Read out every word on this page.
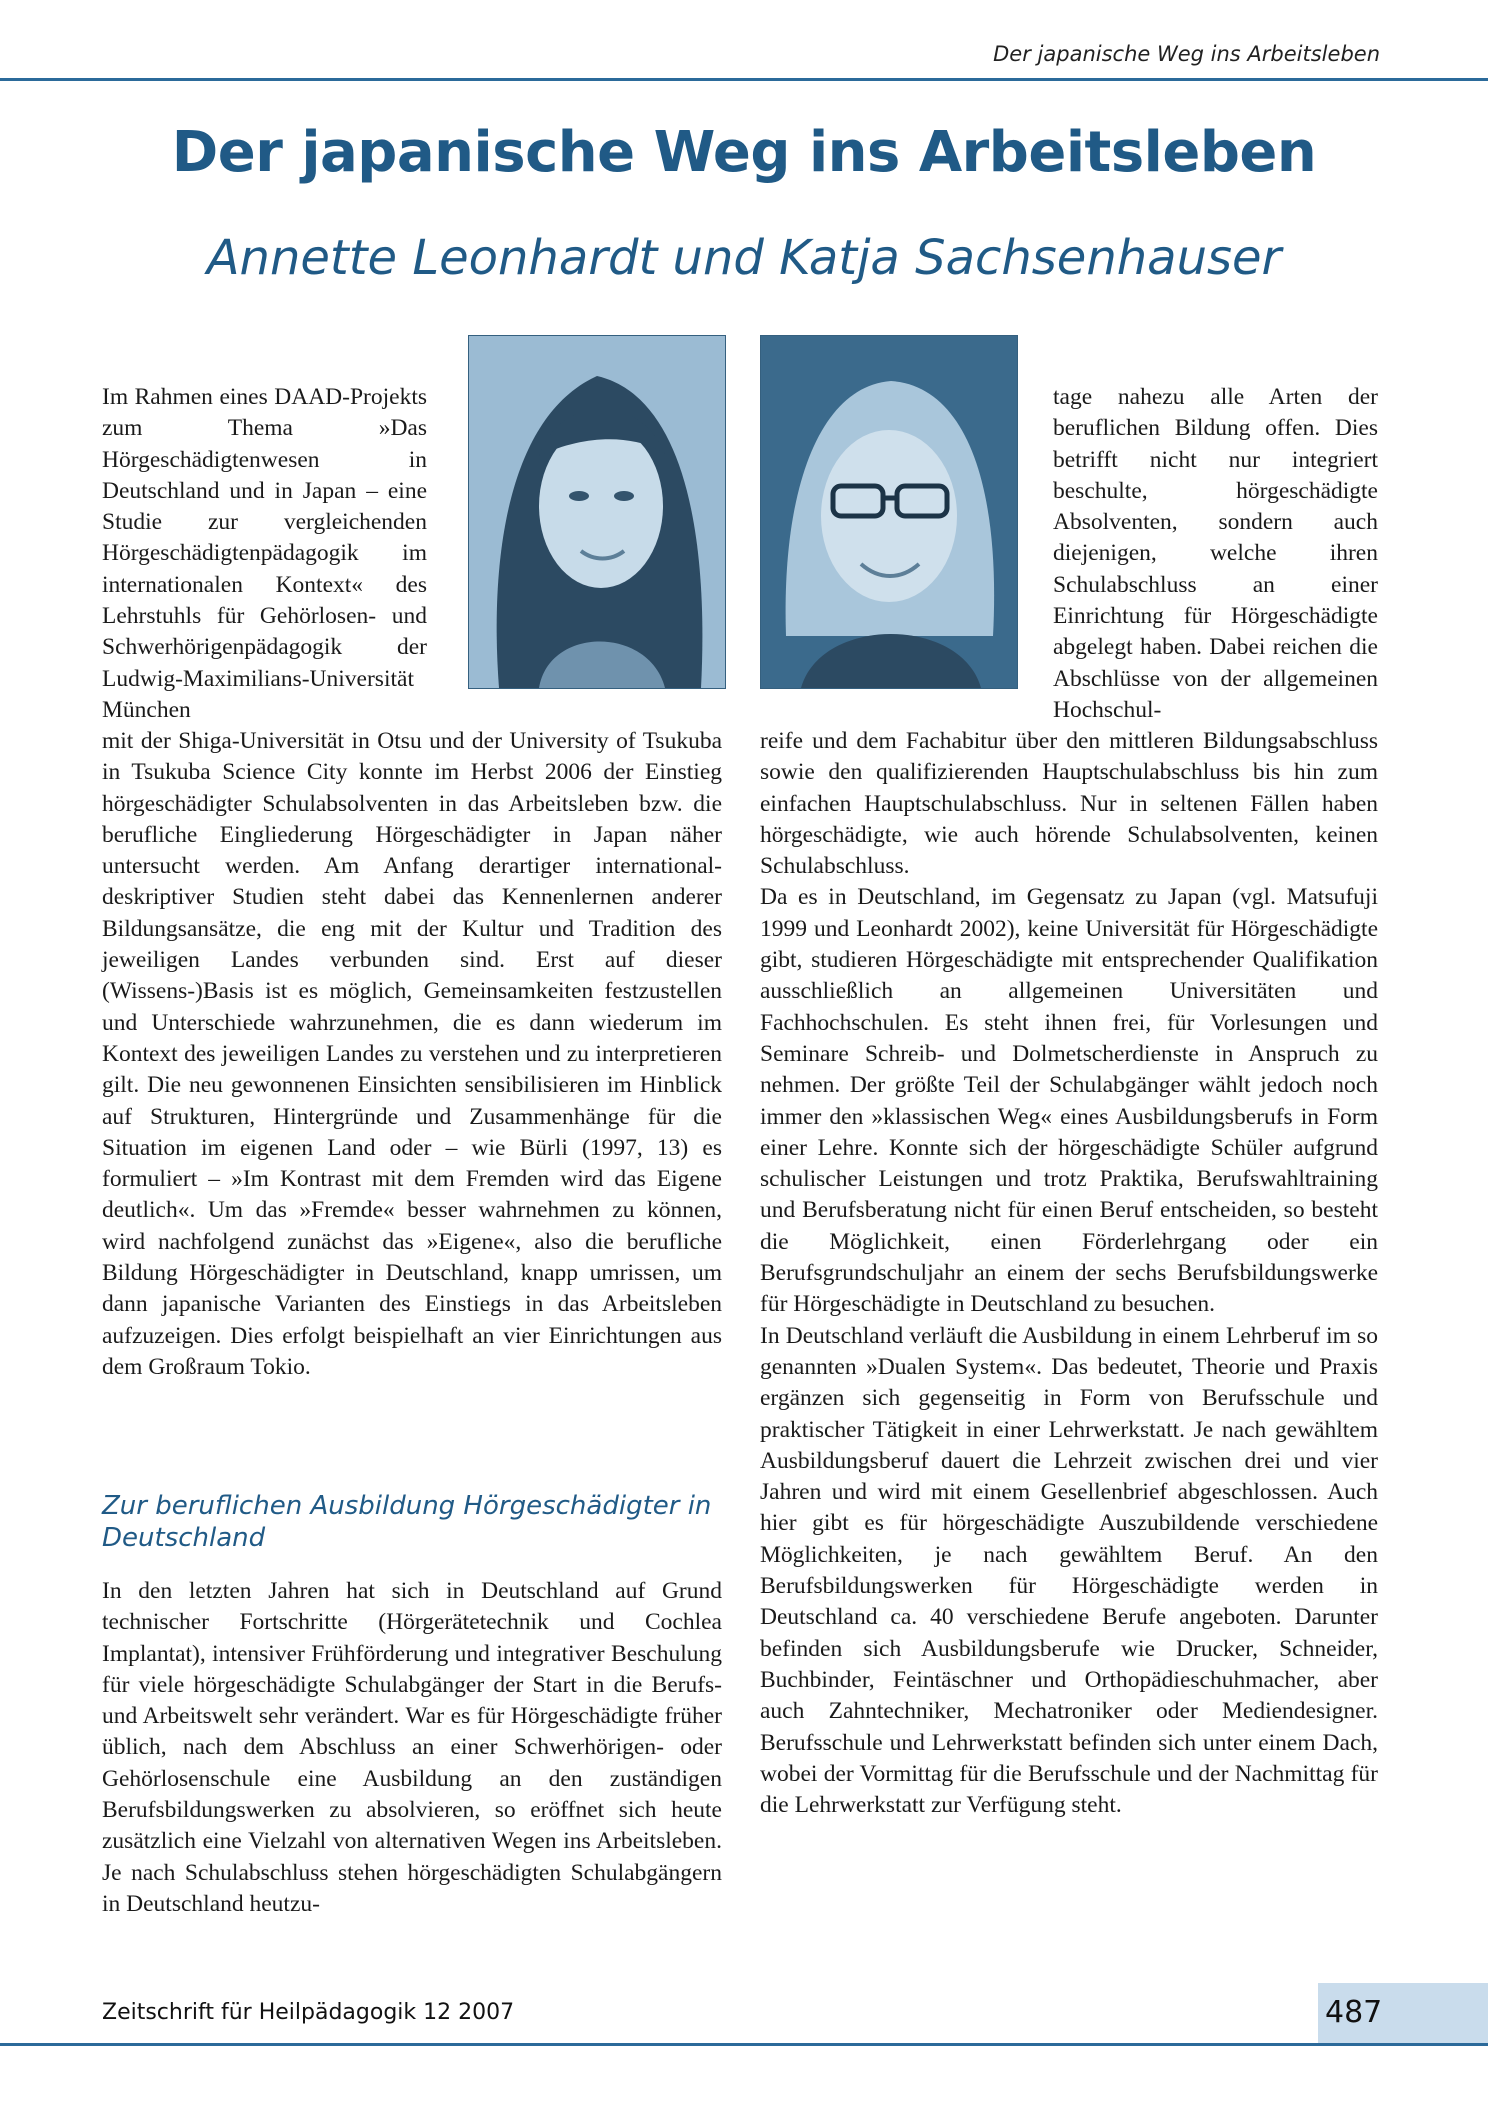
Der japanische Weg ins Arbeitsleben
Der japanische Weg ins Arbeitsleben
Annette Leonhardt und Katja Sachsenhauser

Im Rahmen eines DAAD-Projekts zum Thema »Das Hörgeschädigtenwesen in Deutschland und in Japan – eine Studie zur vergleichenden Hörgeschädigtenpädagogik im internationalen Kontext« des Lehrstuhls für Gehörlosen- und Schwerhörigenpädagogik der Ludwig-Maximilians-Universität München

mit der Shiga-Universität in Otsu und der University of Tsukuba in Tsukuba Science City konnte im Herbst 2006 der Einstieg hörgeschädigter Schulabsolventen in das Arbeitsleben bzw. die berufliche Eingliederung Hörgeschädigter in Japan näher untersucht werden. Am Anfang derartiger international-deskriptiver Studien steht dabei das Kennenlernen anderer Bildungsansätze, die eng mit der Kultur und Tradition des jeweiligen Landes verbunden sind. Erst auf dieser (Wissens-)Basis ist es möglich, Gemeinsamkeiten festzustellen und Unterschiede wahrzunehmen, die es dann wiederum im Kontext des jeweiligen Landes zu verstehen und zu interpretieren gilt. Die neu gewonnenen Einsichten sensibilisieren im Hinblick auf Strukturen, Hintergründe und Zusammenhänge für die Situation im eigenen Land oder – wie Bürli (1997, 13) es formuliert – »Im Kontrast mit dem Fremden wird das Eigene deutlich«. Um das »Fremde« besser wahrnehmen zu können, wird nachfolgend zunächst das »Eigene«, also die berufliche Bildung Hörgeschädigter in Deutschland, knapp umrissen, um dann japanische Varianten des Einstiegs in das Arbeitsleben aufzuzeigen. Dies erfolgt beispielhaft an vier Einrichtungen aus dem Großraum Tokio.

Zur beruflichen Ausbildung Hörgeschädigter in Deutschland

In den letzten Jahren hat sich in Deutschland auf Grund technischer Fortschritte (Hörgerätetechnik und Cochlea Implantat), intensiver Frühförderung und integrativer Beschulung für viele hörgeschädigte Schulabgänger der Start in die Berufs- und Arbeitswelt sehr verändert. War es für Hörgeschädigte früher üblich, nach dem Abschluss an einer Schwerhörigen- oder Gehörlosenschule eine Ausbildung an den zuständigen Berufsbildungswerken zu absolvieren, so eröffnet sich heute zusätzlich eine Vielzahl von alternativen Wegen ins Arbeitsleben. Je nach Schulabschluss stehen hörgeschädigten Schulabgängern in Deutschland heutzu-

tage nahezu alle Arten der beruflichen Bildung offen. Dies betrifft nicht nur integriert beschulte, hörgeschädigte Absolventen, sondern auch diejenigen, welche ihren Schulabschluss an einer Einrichtung für Hörgeschädigte abgelegt haben. Dabei reichen die Abschlüsse von der allgemeinen Hochschul-

reife und dem Fachabitur über den mittleren Bildungsabschluss sowie den qualifizierenden Hauptschulabschluss bis hin zum einfachen Hauptschulabschluss. Nur in seltenen Fällen haben hörgeschädigte, wie auch hörende Schulabsolventen, keinen Schulabschluss.

Da es in Deutschland, im Gegensatz zu Japan (vgl. Matsufuji 1999 und Leonhardt 2002), keine Universität für Hörgeschädigte gibt, studieren Hörgeschädigte mit entsprechender Qualifikation ausschließlich an allgemeinen Universitäten und Fachhochschulen. Es steht ihnen frei, für Vorlesungen und Seminare Schreib- und Dolmetscherdienste in Anspruch zu nehmen. Der größte Teil der Schulabgänger wählt jedoch noch immer den »klassischen Weg« eines Ausbildungsberufs in Form einer Lehre. Konnte sich der hörgeschädigte Schüler aufgrund schulischer Leistungen und trotz Praktika, Berufswahltraining und Berufsberatung nicht für einen Beruf entscheiden, so besteht die Möglichkeit, einen Förderlehrgang oder ein Berufsgrundschuljahr an einem der sechs Berufsbildungswerke für Hörgeschädigte in Deutschland zu besuchen.

In Deutschland verläuft die Ausbildung in einem Lehrberuf im so genannten »Dualen System«. Das bedeutet, Theorie und Praxis ergänzen sich gegenseitig in Form von Berufsschule und praktischer Tätigkeit in einer Lehrwerkstatt. Je nach gewähltem Ausbildungsberuf dauert die Lehrzeit zwischen drei und vier Jahren und wird mit einem Gesellenbrief abgeschlossen. Auch hier gibt es für hörgeschädigte Auszubildende verschiedene Möglichkeiten, je nach gewähltem Beruf. An den Berufsbildungswerken für Hörgeschädigte werden in Deutschland ca. 40 verschiedene Berufe angeboten. Darunter befinden sich Ausbildungsberufe wie Drucker, Schneider, Buchbinder, Feintäschner und Orthopädieschuhmacher, aber auch Zahntechniker, Mechatroniker oder Mediendesigner. Berufsschule und Lehrwerkstatt befinden sich unter einem Dach, wobei der Vormittag für die Berufsschule und der Nachmittag für die Lehrwerkstatt zur Verfügung steht.

487
Zeitschrift für Heilpädagogik 12 2007
